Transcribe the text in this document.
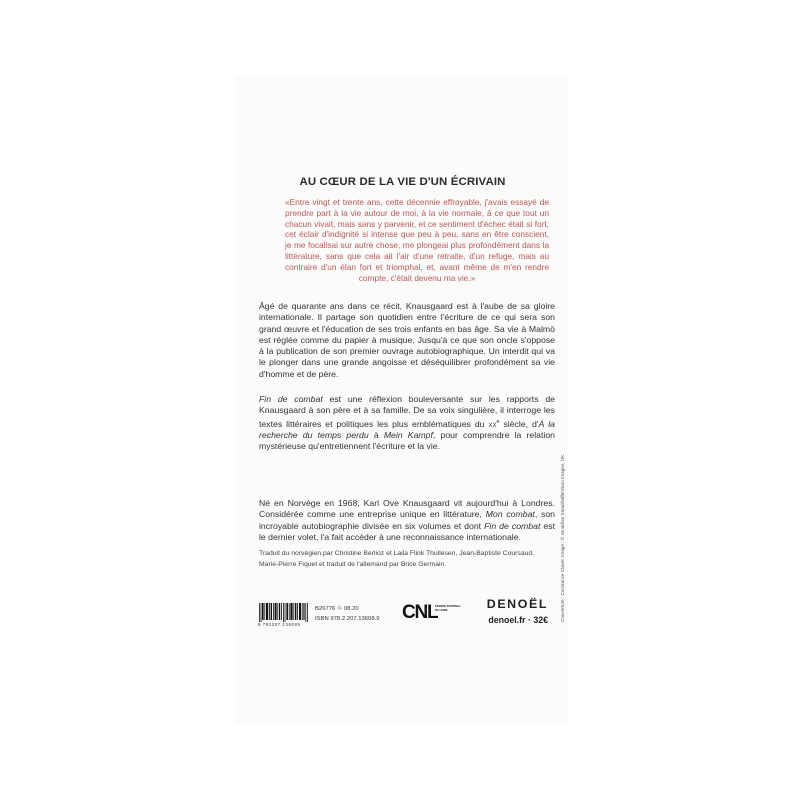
AU CŒUR DE LA VIE D'UN ÉCRIVAIN
«Entre vingt et trente ans, cette décennie effroyable, j'avais essayé de prendre part à la vie autour de moi, à la vie normale, à ce que tout un chacun vivait, mais sans y parvenir, et ce sentiment d'échec était si fort, cet éclair d'indignité si intense que peu à peu, sans en être conscient, je me focalisai sur autre chose, me plongeai plus profondément dans la littérature, sans que cela ait l'air d'une retraite, d'un refuge, mais au contraire d'un élan fort et triomphal, et, avant même de m'en rendre compte, c'était devenu ma vie.»
Âgé de quarante ans dans ce récit, Knausgaard est à l'aube de sa gloire internationale. Il partage son quotidien entre l'écriture de ce qui sera son grand œuvre et l'éducation de ses trois enfants en bas âge. Sa vie à Malmö est réglée comme du papier à musique. Jusqu'à ce que son oncle s'oppose à la publication de son premier ouvrage autobiographique. Un interdit qui va le plonger dans une grande angoisse et déséquilibrer profondément sa vie d'homme et de père.
Fin de combat est une réflexion bouleversante sur les rapports de Knausgaard à son père et à sa famille. De sa voix singulière, il interroge les textes littéraires et politiques les plus emblématiques du $xx^e$ siècle, d'À la recherche du temps perdu à Mein Kampf, pour comprendre la relation mystérieuse qu'entretiennent l'écriture et la vie.
Né en Norvège en 1968, Karl Ove Knausgaard vit aujourd'hui à Londres. Considérée comme une entreprise unique en littérature, Mon combat, son incroyable autobiographie divisée en six volumes et dont Fin de combat est le dernier volet, l'a fait accéder à une reconnaissance internationale.
Traduit du norvégien par Christine Berlioz et Laila Flink Thullesen, Jean-Baptiste Coursaud, Marie-Pierre Fiquet et traduit de l'allemand par Brice Germain.
9 782207 136089
B26776 ♲ 08.20
ISBN 978.2.207.13608.9 CNL
CENTRE NATIONAL DU LIVRE	DENOËL
denoel.fr · 32€	Couverture : Constance Clavel. Image : © Jonathan Stead/Millennium Images, UK.
